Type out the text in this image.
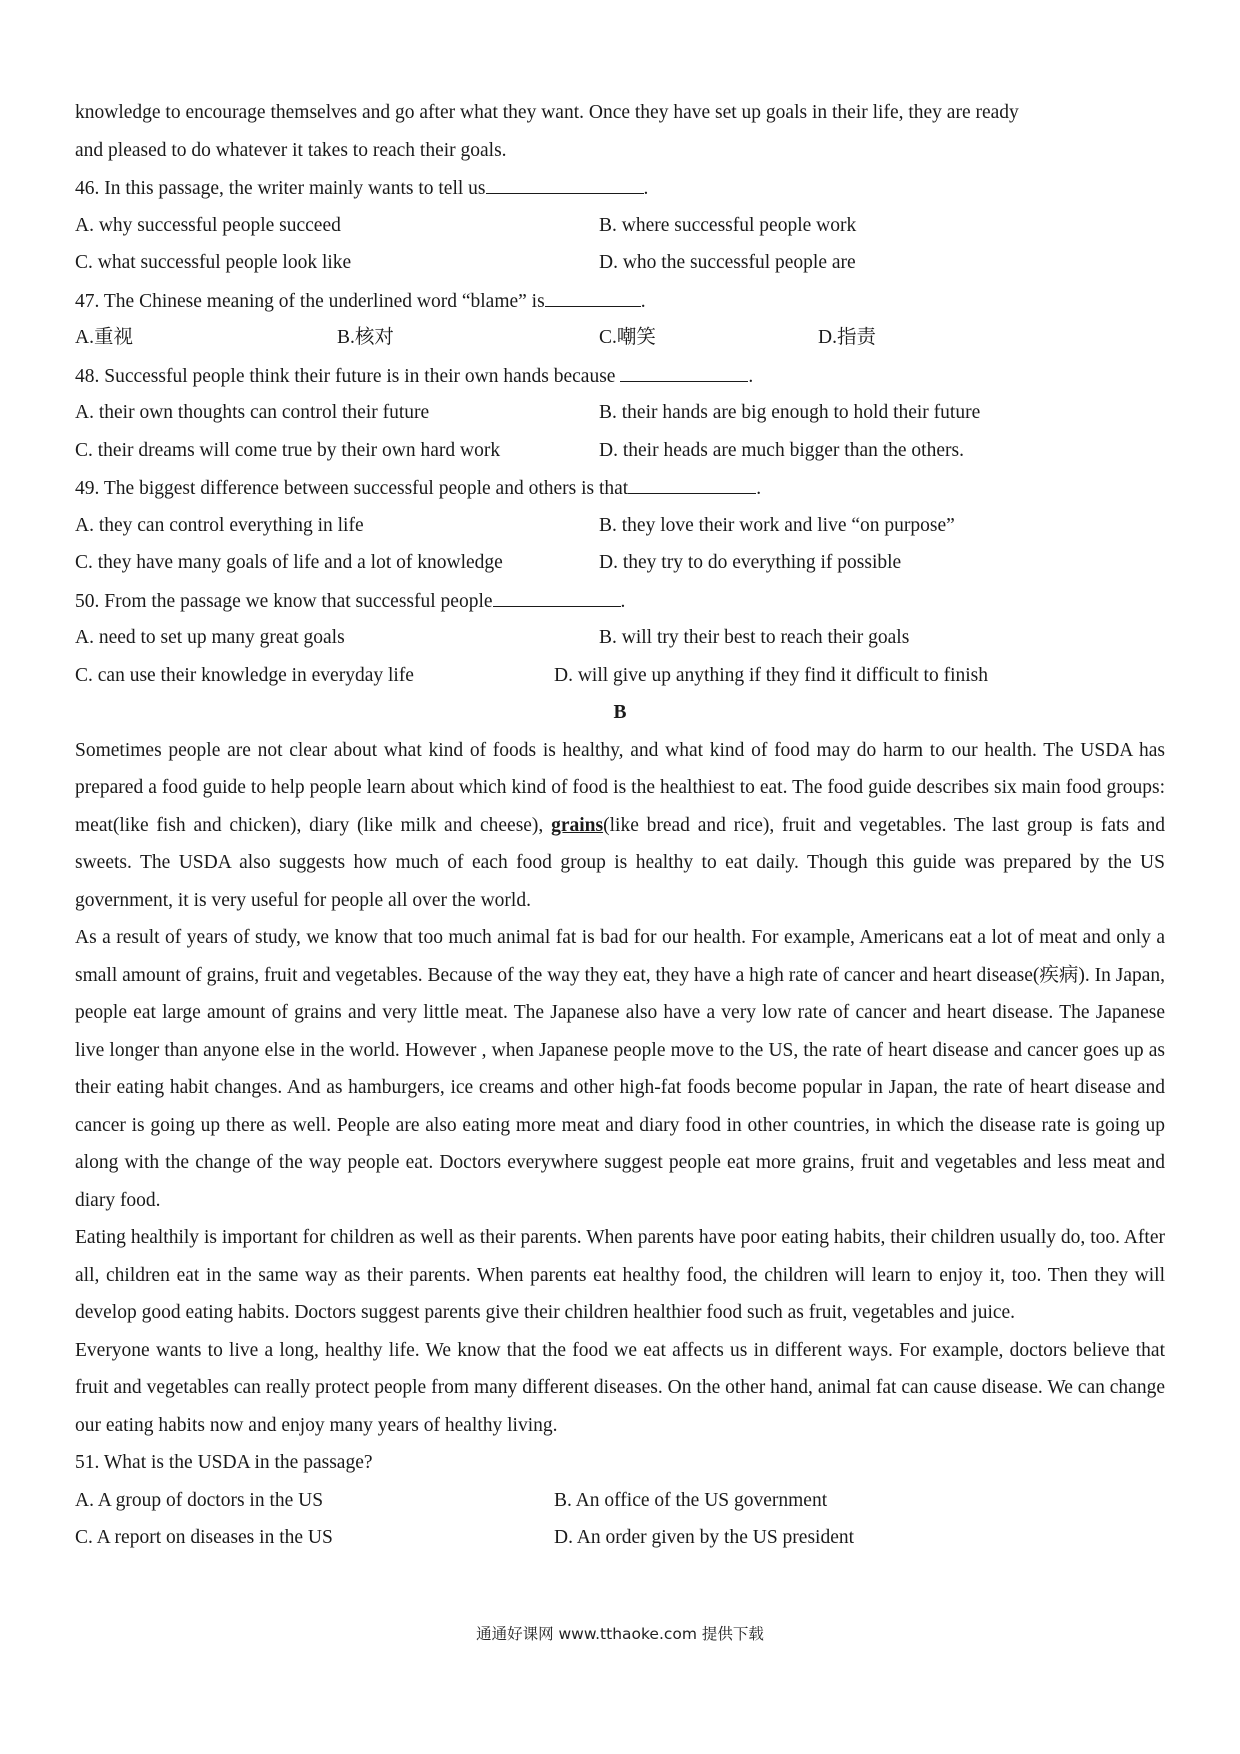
knowledge to encourage themselves and go after what they want. Once they have set up goals in their life, they are ready
and pleased to do whatever it takes to reach their goals.
46. In this passage, the writer mainly wants to tell us	.
A. why successful people succeed	B. where successful people work
C. what successful people look like	D. who the successful people are
47. The Chinese meaning of the underlined word “blame” is	.
A.重视	B.核对	C.嘲笑	D.指责
48. Successful people think their future is in their own hands because	.
A. their own thoughts can control their future	B. their hands are big enough to hold their future
C. their dreams will come true by their own hard work	D. their heads are much bigger than the others.
49. The biggest difference between successful people and others is that	.
A. they can control everything in life	B. they love their work and live “on purpose”
C. they have many goals of life and a lot of knowledge	D. they try to do everything if possible
50. From the passage we know that successful people	.
A. need to set up many great goals	B. will try their best to reach their goals
C. can use their knowledge in everyday life	D. will give up anything if they find it difficult to finish
B
Sometimes people are not clear about what kind of foods is healthy, and what kind of food may do harm to our health. The USDA has prepared a food guide to help people learn about which kind of food is the healthiest to eat. The food guide describes six main food groups: meat(like fish and chicken), diary (like milk and cheese), grains(like bread and rice), fruit and vegetables. The last group is fats and sweets. The USDA also suggests how much of each food group is healthy to eat daily. Though this guide was prepared by the US government, it is very useful for people all over the world.
As a result of years of study, we know that too much animal fat is bad for our health. For example, Americans eat a lot of meat and only a small amount of grains, fruit and vegetables. Because of the way they eat, they have a high rate of cancer and heart disease(疾病). In Japan, people eat large amount of grains and very little meat. The Japanese also have a very low rate of cancer and heart disease. The Japanese live longer than anyone else in the world. However , when Japanese people move to the US, the rate of heart disease and cancer goes up as their eating habit changes. And as hamburgers, ice creams and other high-fat foods become popular in Japan, the rate of heart disease and cancer is going up there as well. People are also eating more meat and diary food in other countries, in which the disease rate is going up along with the change of the way people eat. Doctors everywhere suggest people eat more grains, fruit and vegetables and less meat and diary food.
Eating healthily is important for children as well as their parents. When parents have poor eating habits, their children usually do, too. After all, children eat in the same way as their parents. When parents eat healthy food, the children will learn to enjoy it, too. Then they will develop good eating habits. Doctors suggest parents give their children healthier food such as fruit, vegetables and juice.
Everyone wants to live a long, healthy life. We know that the food we eat affects us in different ways. For example, doctors believe that fruit and vegetables can really protect people from many different diseases. On the other hand, animal fat can cause disease. We can change our eating habits now and enjoy many years of healthy living.
51. What is the USDA in the passage?
A. A group of doctors in the US	B. An office of the US government
C. A report on diseases in the US	D. An order given by the US president
通通好课网 www.tthaoke.com 提供下载
